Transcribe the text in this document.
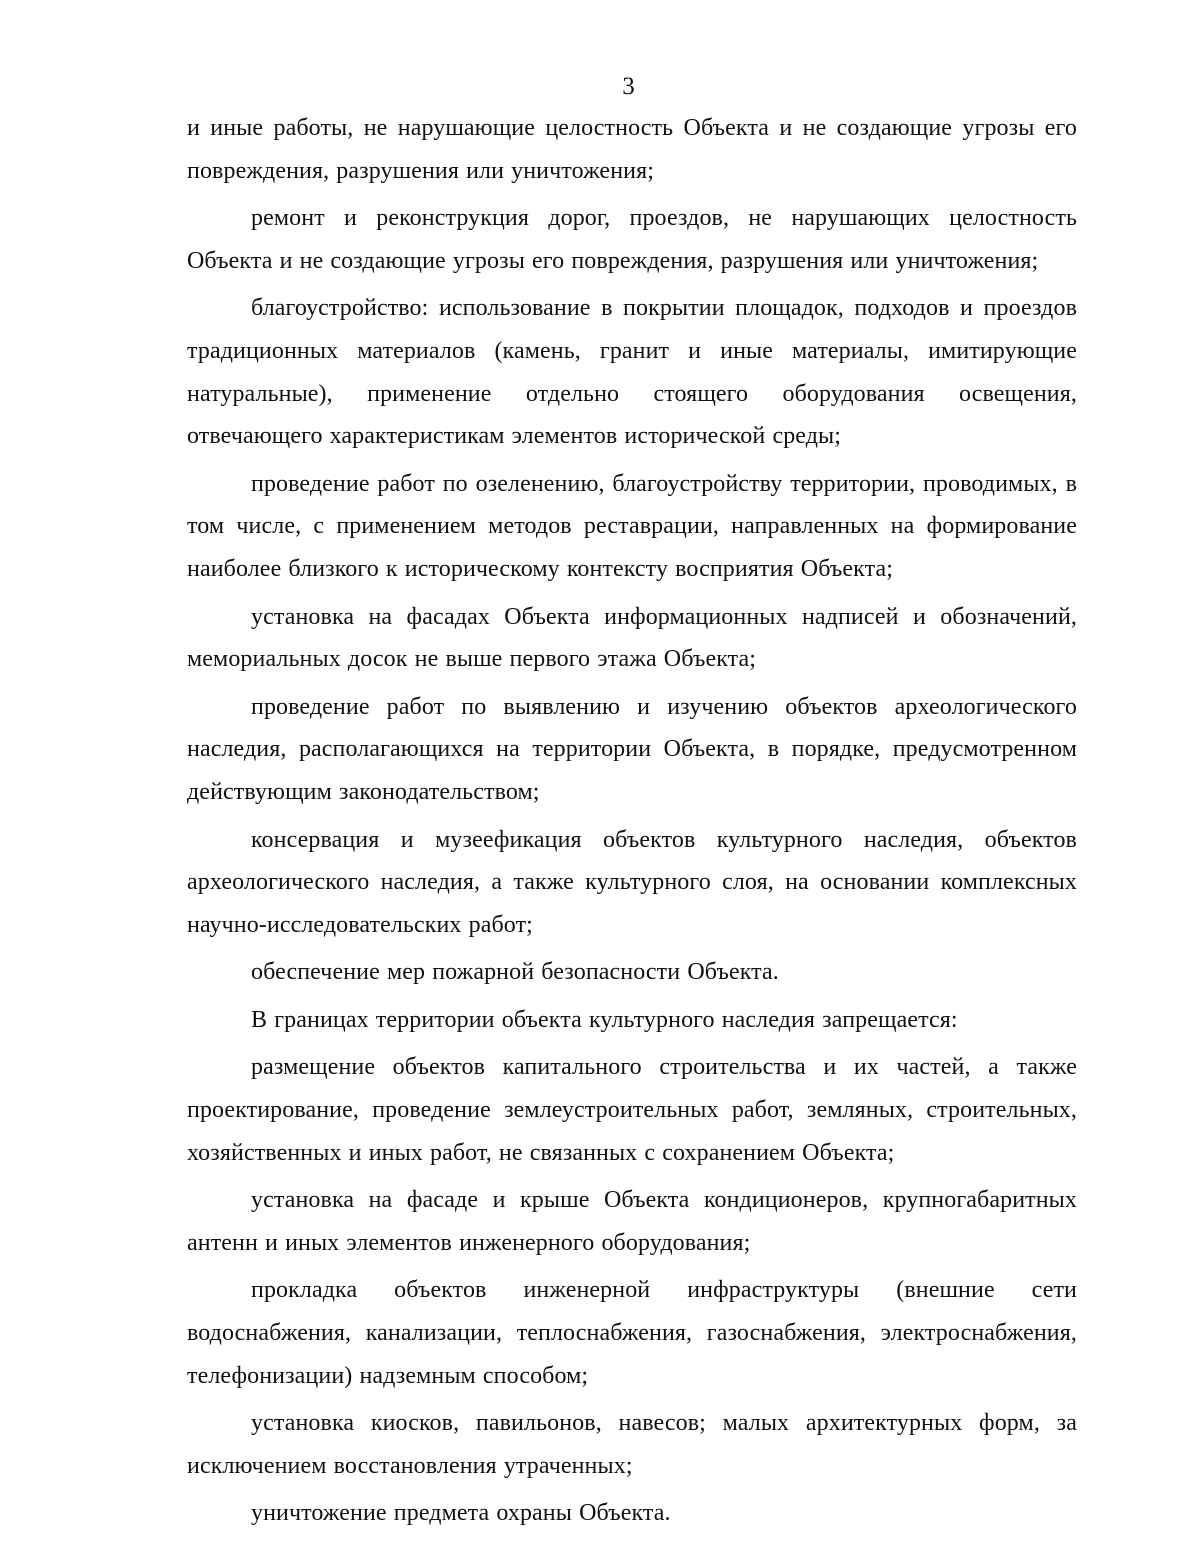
3

и иные работы, не нарушающие целостность Объекта и не создающие угрозы его повреждения, разрушения или уничтожения;

ремонт и реконструкция дорог, проездов, не нарушающих целостность Объекта и не создающие угрозы его повреждения, разрушения или уничтожения;

благоустройство: использование в покрытии площадок, подходов и проездов традиционных материалов (камень, гранит и иные материалы, имитирующие натуральные), применение отдельно стоящего оборудования освещения, отвечающего характеристикам элементов исторической среды;

проведение работ по озеленению, благоустройству территории, проводимых, в том числе, с применением методов реставрации, направленных на формирование наиболее близкого к историческому контексту восприятия Объекта;

установка на фасадах Объекта информационных надписей и обозначений, мемориальных досок не выше первого этажа Объекта;

проведение работ по выявлению и изучению объектов археологического наследия, располагающихся на территории Объекта, в порядке, предусмотренном действующим законодательством;

консервация и музеефикация объектов культурного наследия, объектов археологического наследия, а также культурного слоя, на основании комплексных научно-исследовательских работ;

обеспечение мер пожарной безопасности Объекта.

В границах территории объекта культурного наследия запрещается:

размещение объектов капитального строительства и их частей, а также проектирование, проведение землеустроительных работ, земляных, строительных, хозяйственных и иных работ, не связанных с сохранением Объекта;

установка на фасаде и крыше Объекта кондиционеров, крупногабаритных антенн и иных элементов инженерного оборудования;

прокладка объектов инженерной инфраструктуры (внешние сети водоснабжения, канализации, теплоснабжения, газоснабжения, электроснабжения, телефонизации) надземным способом;

установка киосков, павильонов, навесов; малых архитектурных форм, за исключением восстановления утраченных;

уничтожение предмета охраны Объекта.
